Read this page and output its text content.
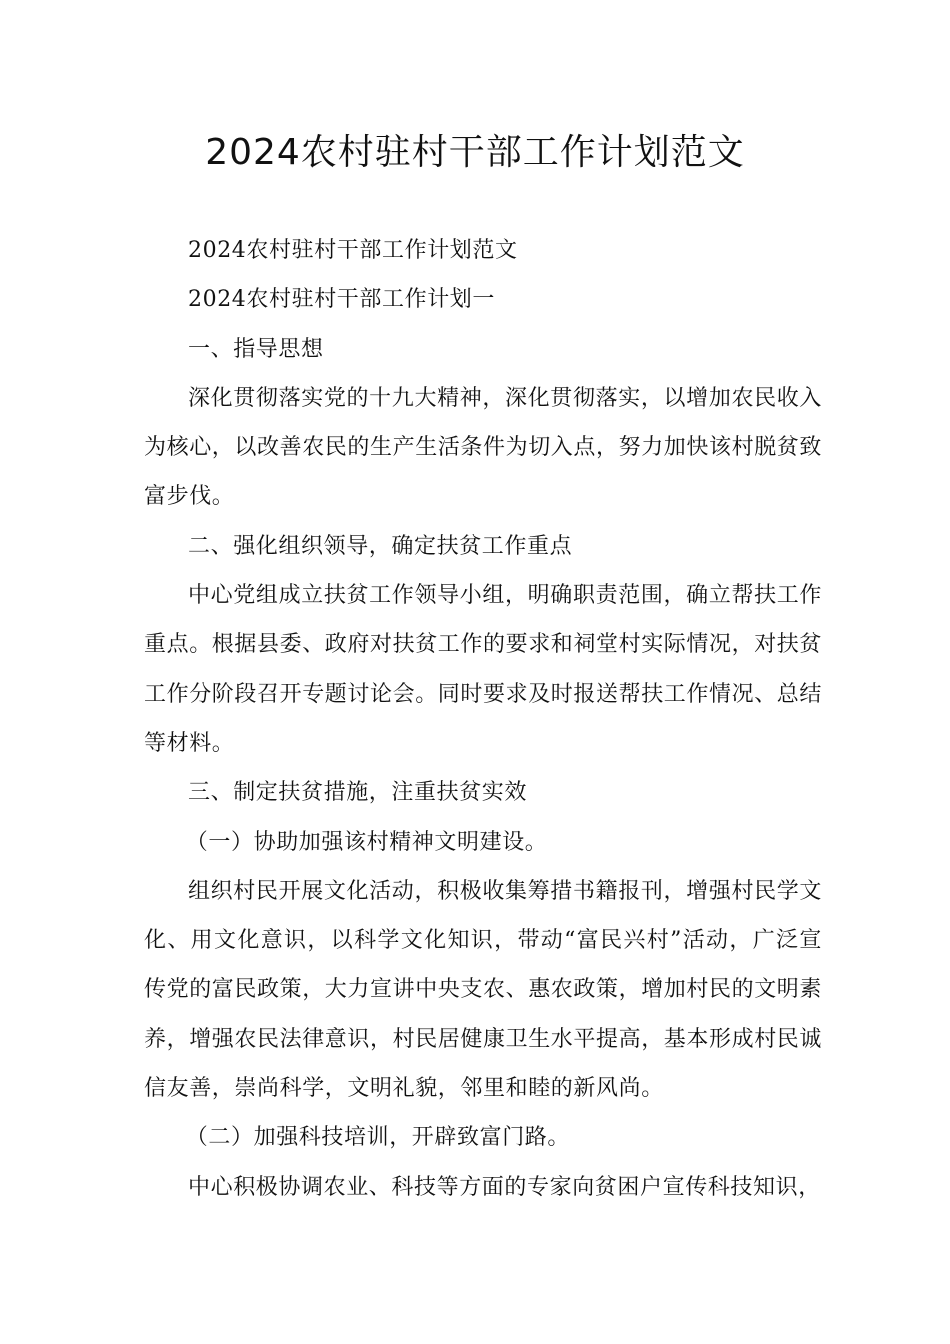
2024农村驻村干部工作计划范文

2024农村驻村干部工作计划范文

2024农村驻村干部工作计划一

一、指导思想

深化贯彻落实党的十九大精神，深化贯彻落实，以增加农民收入为核心，以改善农民的生产生活条件为切入点，努力加快该村脱贫致富步伐。

二、强化组织领导，确定扶贫工作重点

中心党组成立扶贫工作领导小组，明确职责范围，确立帮扶工作重点。根据县委、政府对扶贫工作的要求和祠堂村实际情况，对扶贫工作分阶段召开专题讨论会。同时要求及时报送帮扶工作情况、总结等材料。

三、制定扶贫措施，注重扶贫实效

（一）协助加强该村精神文明建设。

组织村民开展文化活动，积极收集筹措书籍报刊，增强村民学文化、用文化意识，以科学文化知识，带动“富民兴村”活动，广泛宣传党的富民政策，大力宣讲中央支农、惠农政策，增加村民的文明素养，增强农民法律意识，村民居健康卫生水平提高，基本形成村民诚信友善，崇尚科学，文明礼貌，邻里和睦的新风尚。

（二）加强科技培训，开辟致富门路。

中心积极协调农业、科技等方面的专家向贫困户宣传科技知识，
